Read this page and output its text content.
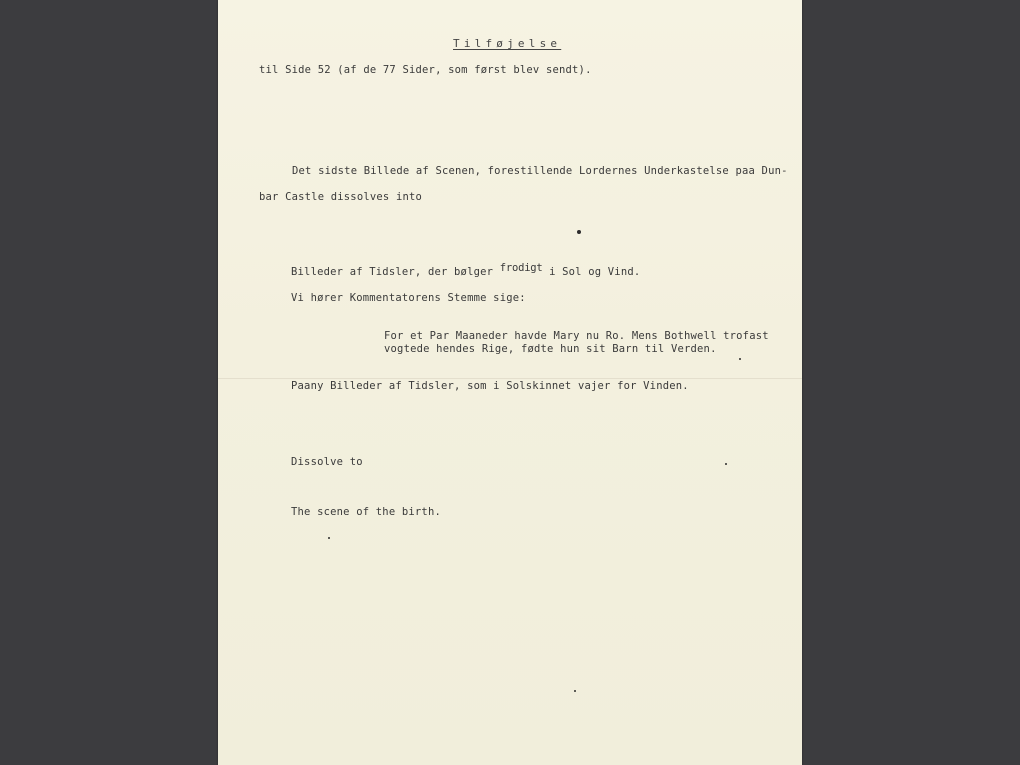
Tilføjelse
til Side 52 (af de 77 Sider, som først blev sendt).
Det sidste Billede af Scenen, forestillende Lordernes Underkastelse paa Dun-
bar Castle dissolves into
Billeder af Tidsler, der bølger frodigt i Sol og Vind.
Vi hører Kommentatorens Stemme sige:
For et Par Maaneder havde Mary nu Ro. Mens Bothwell trofast
vogtede hendes Rige, fødte hun sit Barn til Verden.
Paany Billeder af Tidsler, som i Solskinnet vajer for Vinden.
Dissolve to
The scene of the birth.
